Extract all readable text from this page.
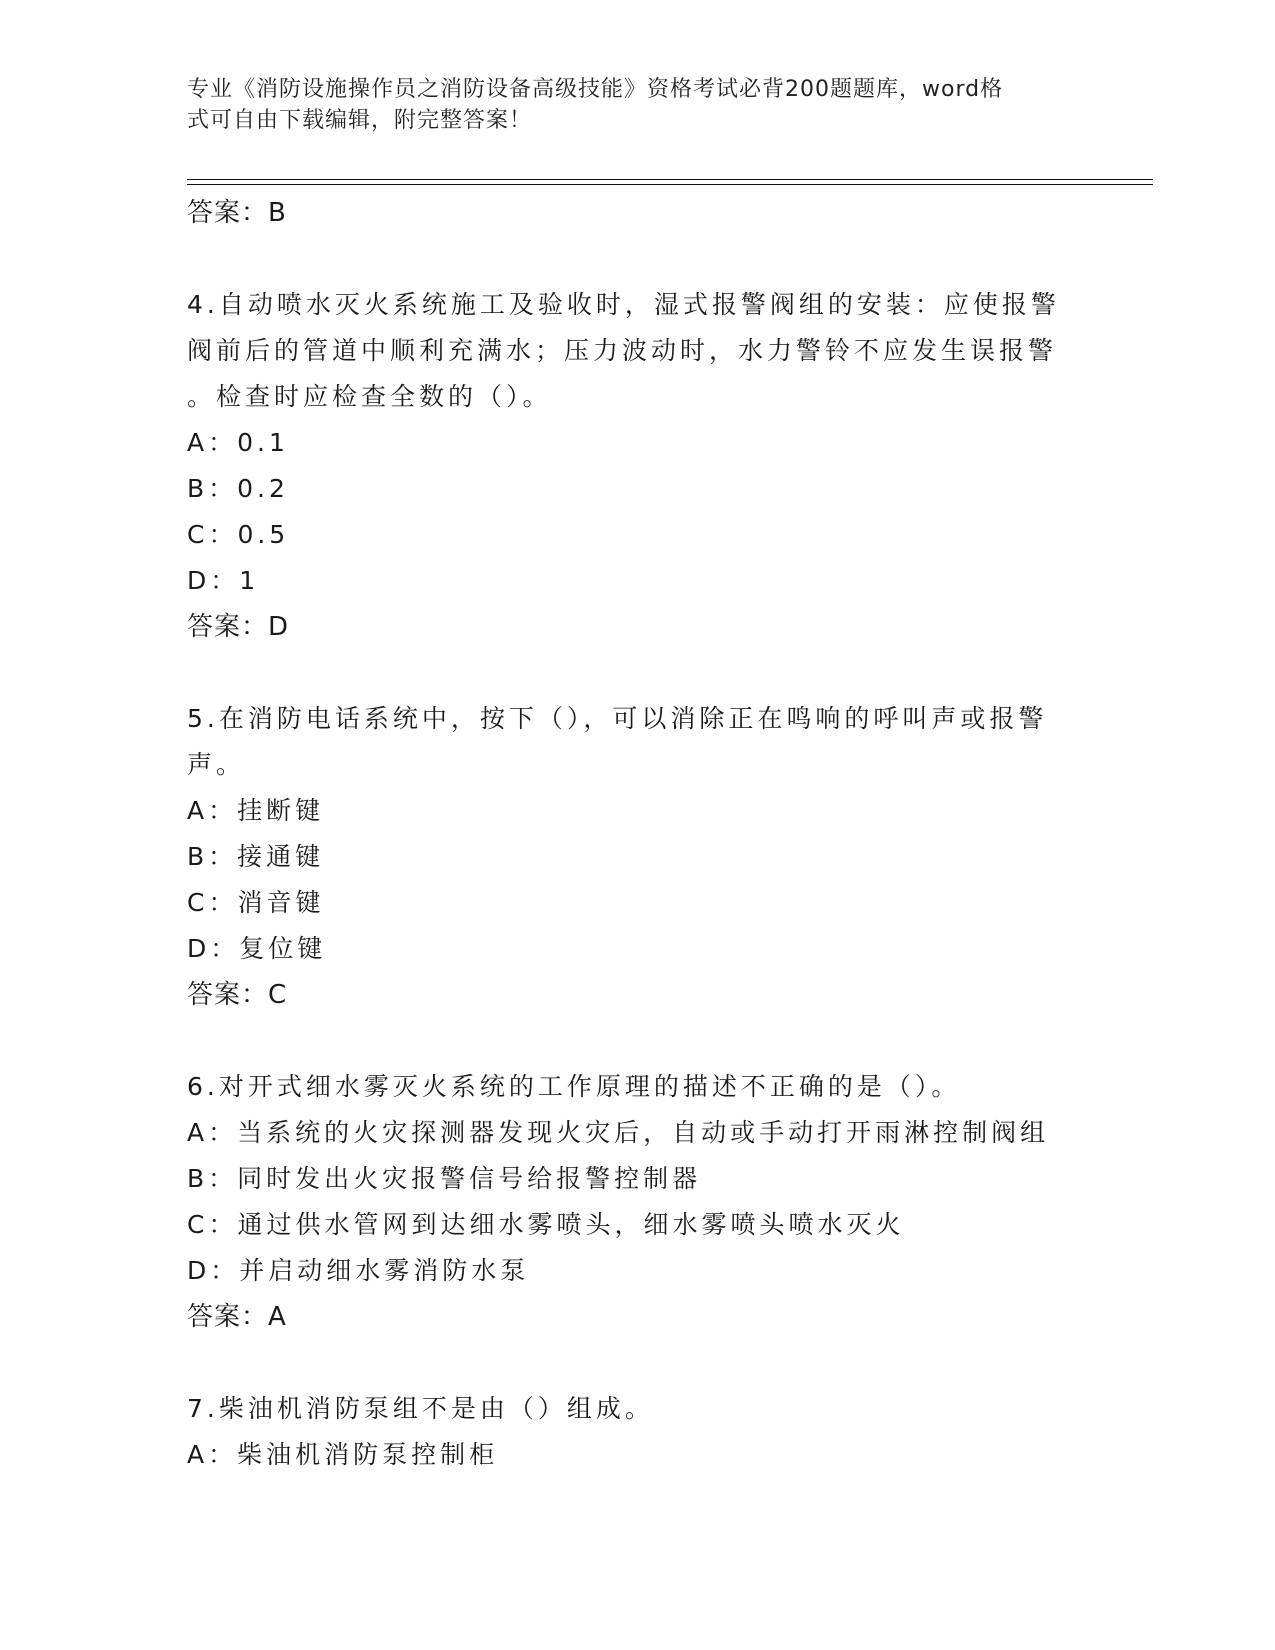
专业《消防设施操作员之消防设备高级技能》资格考试必背200题题库，word格
式可自由下载编辑，附完整答案！
答案：B
4.自动喷水灭火系统施工及验收时，湿式报警阀组的安装：应使报警
阀前后的管道中顺利充满水；压力波动时，水力警铃不应发生误报警
。检查时应检查全数的（）。
A：0.1
B：0.2
C：0.5
D：1
答案：D
5.在消防电话系统中，按下（），可以消除正在鸣响的呼叫声或报警
声。
A：挂断键
B：接通键
C：消音键
D：复位键
答案：C
6.对开式细水雾灭火系统的工作原理的描述不正确的是（）。
A：当系统的火灾探测器发现火灾后，自动或手动打开雨淋控制阀组
B：同时发出火灾报警信号给报警控制器
C：通过供水管网到达细水雾喷头，细水雾喷头喷水灭火
D：并启动细水雾消防水泵
答案：A
7.柴油机消防泵组不是由（）组成。
A：柴油机消防泵控制柜
